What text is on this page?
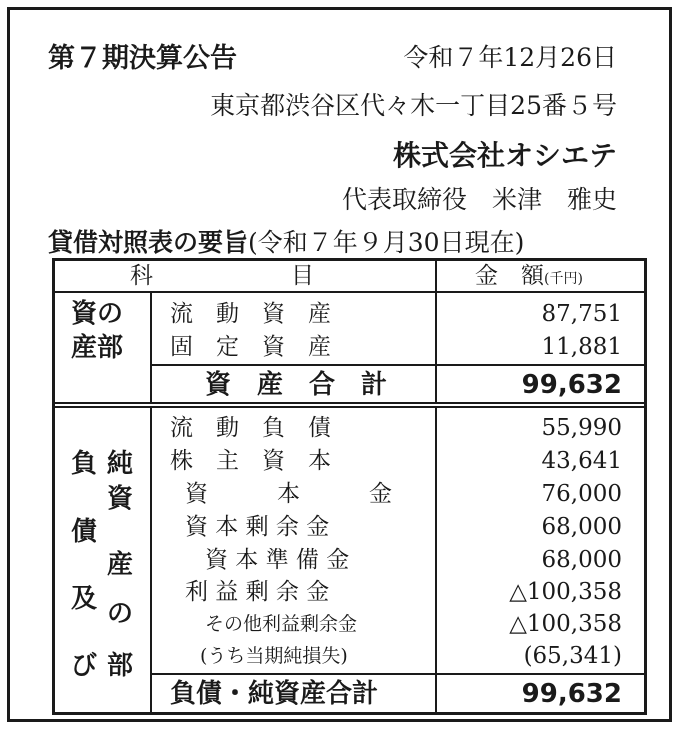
第７期決算公告	令和７年12月26日
東京都渋谷区代々木一丁目25番５号
株式会社オシエテ
代表取締役　米津　雅史
貸借対照表の要旨(令和７年９月30日現在)
科　　　　　　目	金　額(千円)
資の
産部
流　動　資　産	87,751
固　定　資　産	11,881
資　産　合　計	99,632
負
債
及
び
純
資
産
の
部
流　動　負　債	55,990
株　主　資　本	43,641
資　　　本　　　金	76,000
資 本 剰 余 金	68,000
資 本 準 備 金	68,000
利 益 剰 余 金	△100,358
その他利益剰余金	△100,358
(うち当期純損失)	(65,341)
負債・純資産合計	99,632
